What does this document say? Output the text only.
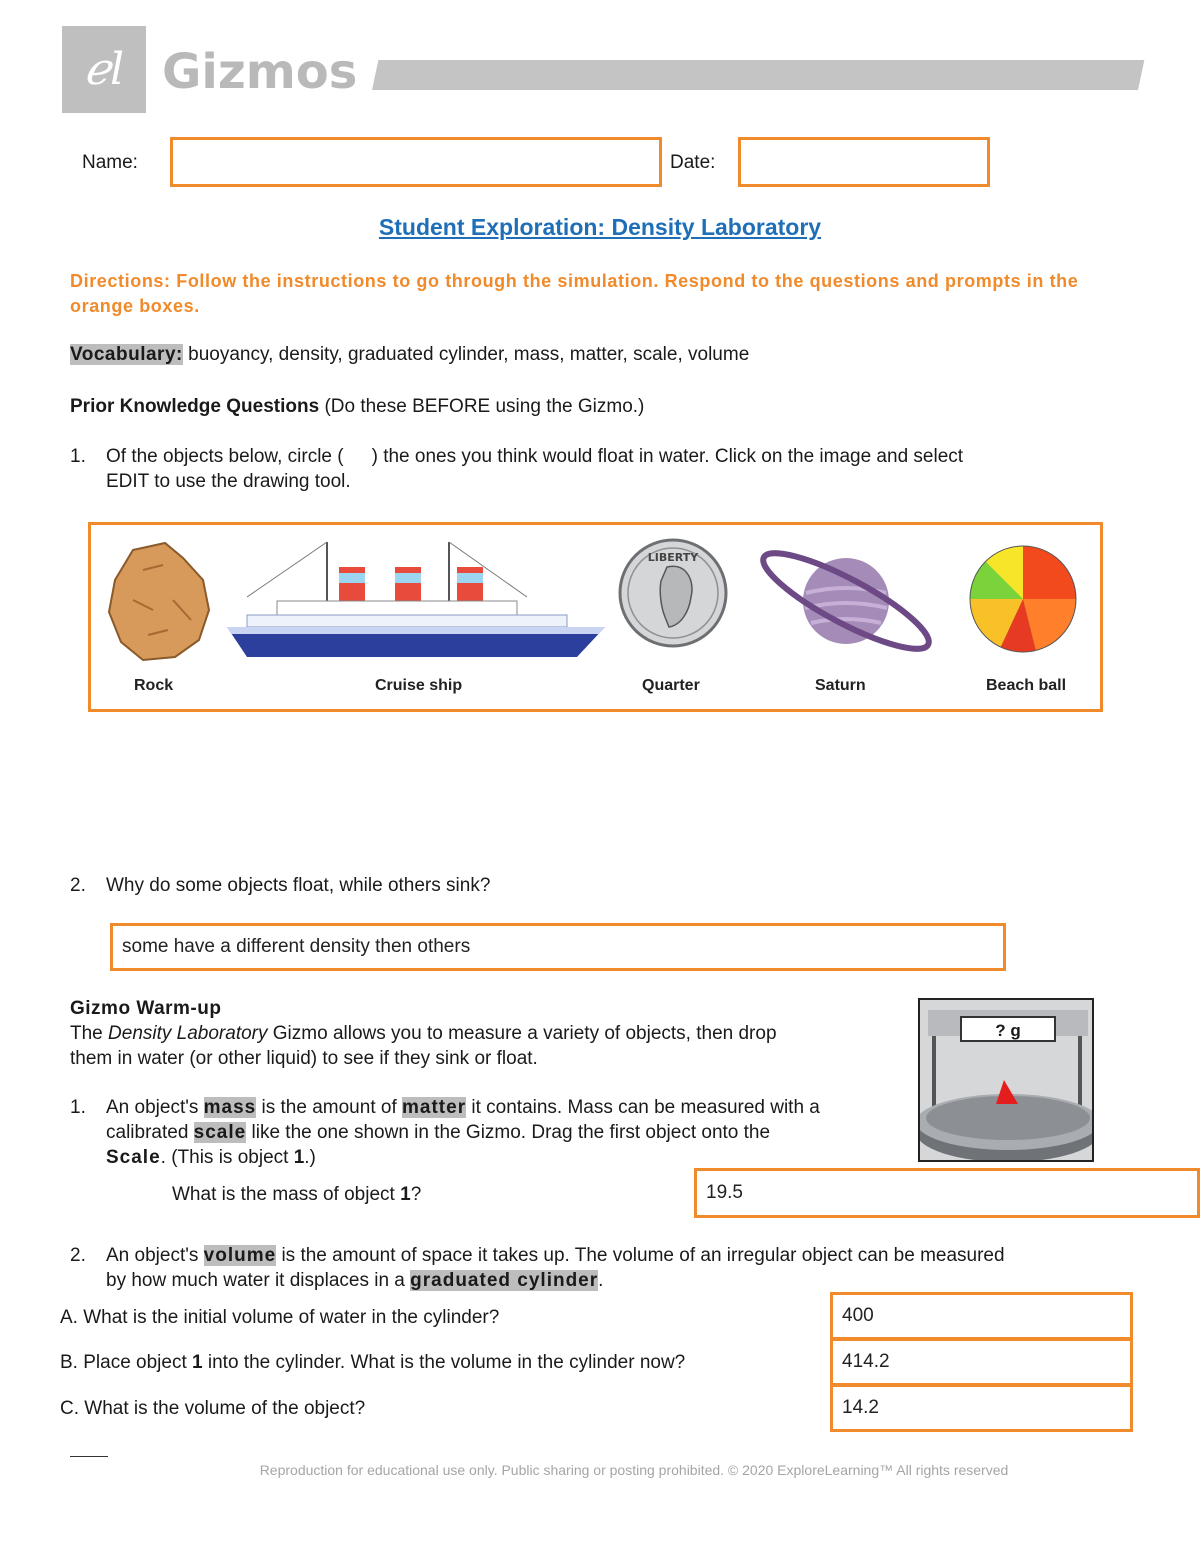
ℯl Gizmos
Name:	Date:
Student Exploration: Density Laboratory
Directions: Follow the instructions to go through the simulation. Respond to the questions and prompts in the orange boxes.
Vocabulary: buoyancy, density, graduated cylinder, mass, matter, scale, volume
Prior Knowledge Questions (Do these BEFORE using the Gizmo.)
1. Of the objects below, circle ( ) the ones you think would float in water. Click on the image and select
EDIT to use the drawing tool.
Rock	Cruise ship
LIBERTY
Quarter	Saturn	Beach ball
2. Why do some objects float, while others sink?
some have a different density then others
Gizmo Warm-up
The Density Laboratory Gizmo allows you to measure a variety of objects, then drop
them in water (or other liquid) to see if they sink or float.
? g
1. An object's mass is the amount of matter it contains. Mass can be measured with a
calibrated scale like the one shown in the Gizmo. Drag the first object onto the
Scale. (This is object 1.)
What is the mass of object 1?	19.5
2. An object's volume is the amount of space it takes up. The volume of an irregular object can be measured
by how much water it displaces in a graduated cylinder.
A. What is the initial volume of water in the cylinder?	400
B. Place object 1 into the cylinder. What is the volume in the cylinder now?	414.2
C. What is the volume of the object?	14.2
Reproduction for educational use only. Public sharing or posting prohibited. © 2020 ExploreLearning™ All rights reserved
